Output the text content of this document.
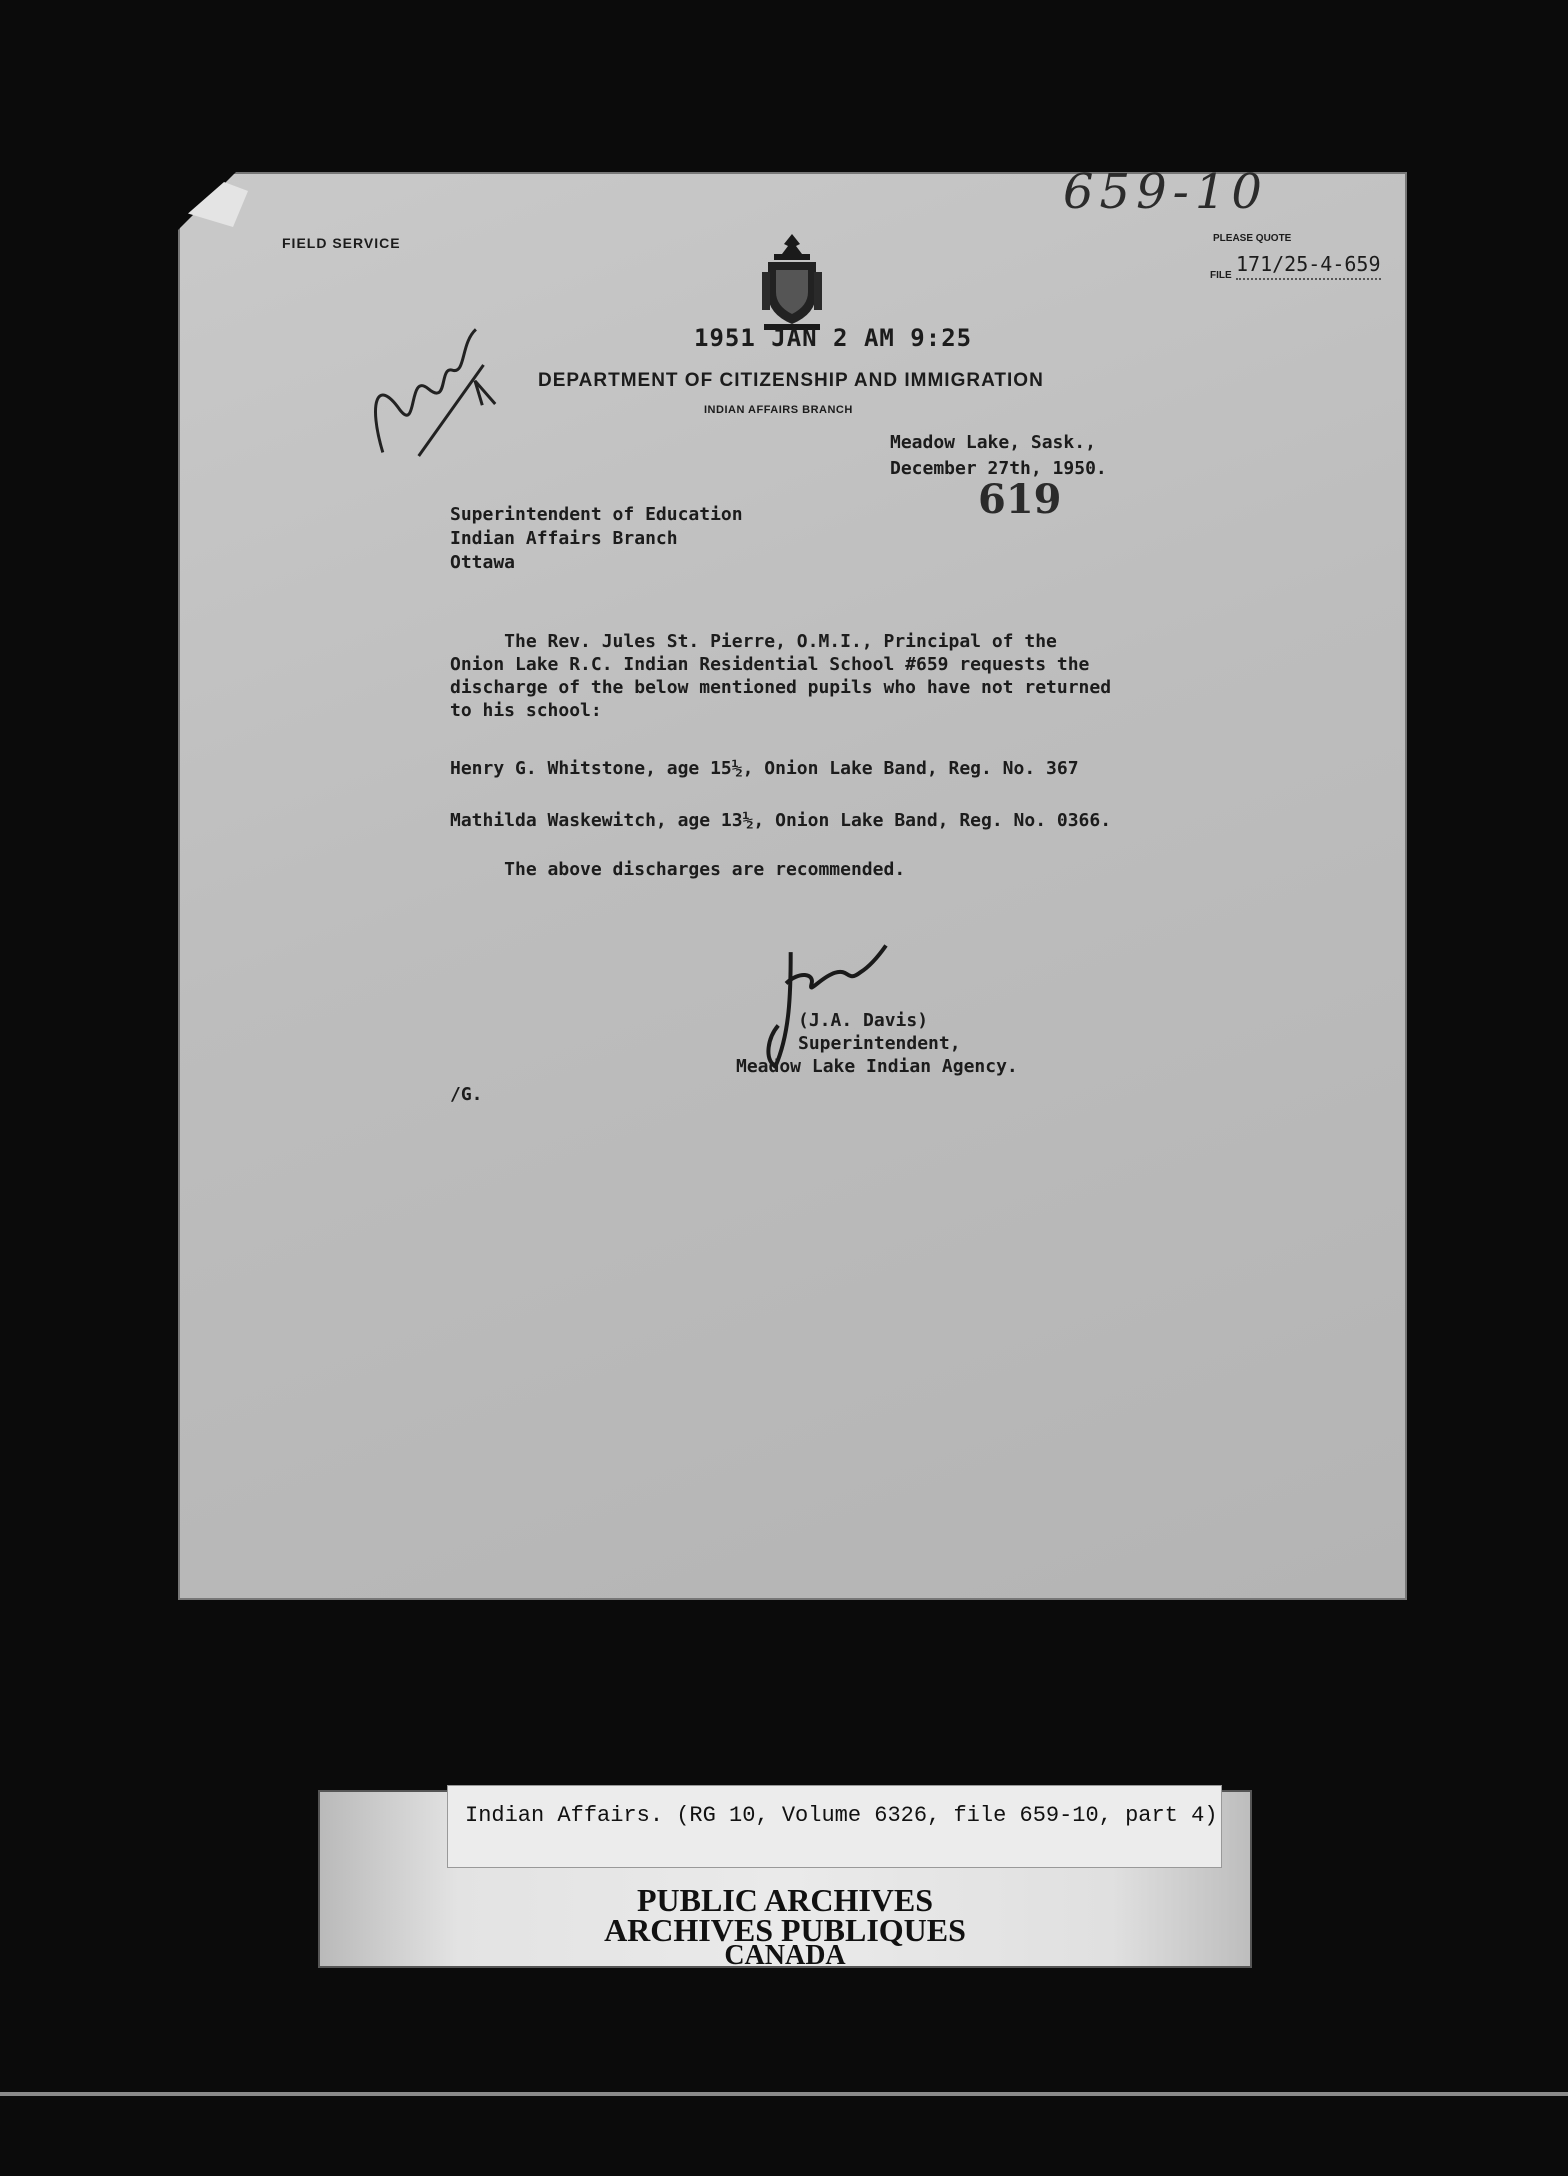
FIELD SERVICE
659-10
PLEASE QUOTE
FILE 171/25-4-659
1951 JAN 2 AM 9:25
DEPARTMENT OF CITIZENSHIP AND IMMIGRATION
INDIAN AFFAIRS BRANCH
Meadow Lake, Sask.,
December 27th, 1950.
619
Superintendent of Education
Indian Affairs Branch
Ottawa
The Rev. Jules St. Pierre, O.M.I., Principal of the
Onion Lake R.C. Indian Residential School #659 requests the
discharge of the below mentioned pupils who have not returned
to his school:
Henry G. Whitstone, age 15½, Onion Lake Band, Reg. No. 367
Mathilda Waskewitch, age 13½, Onion Lake Band, Reg. No. 0366.
The above discharges are recommended.
(J.A. Davis)
Superintendent,
Meadow Lake Indian Agency.
/G.
PUBLIC ARCHIVES
ARCHIVES PUBLIQUES
CANADA
Indian Affairs. (RG 10, Volume 6326, file 659-10, part 4)
